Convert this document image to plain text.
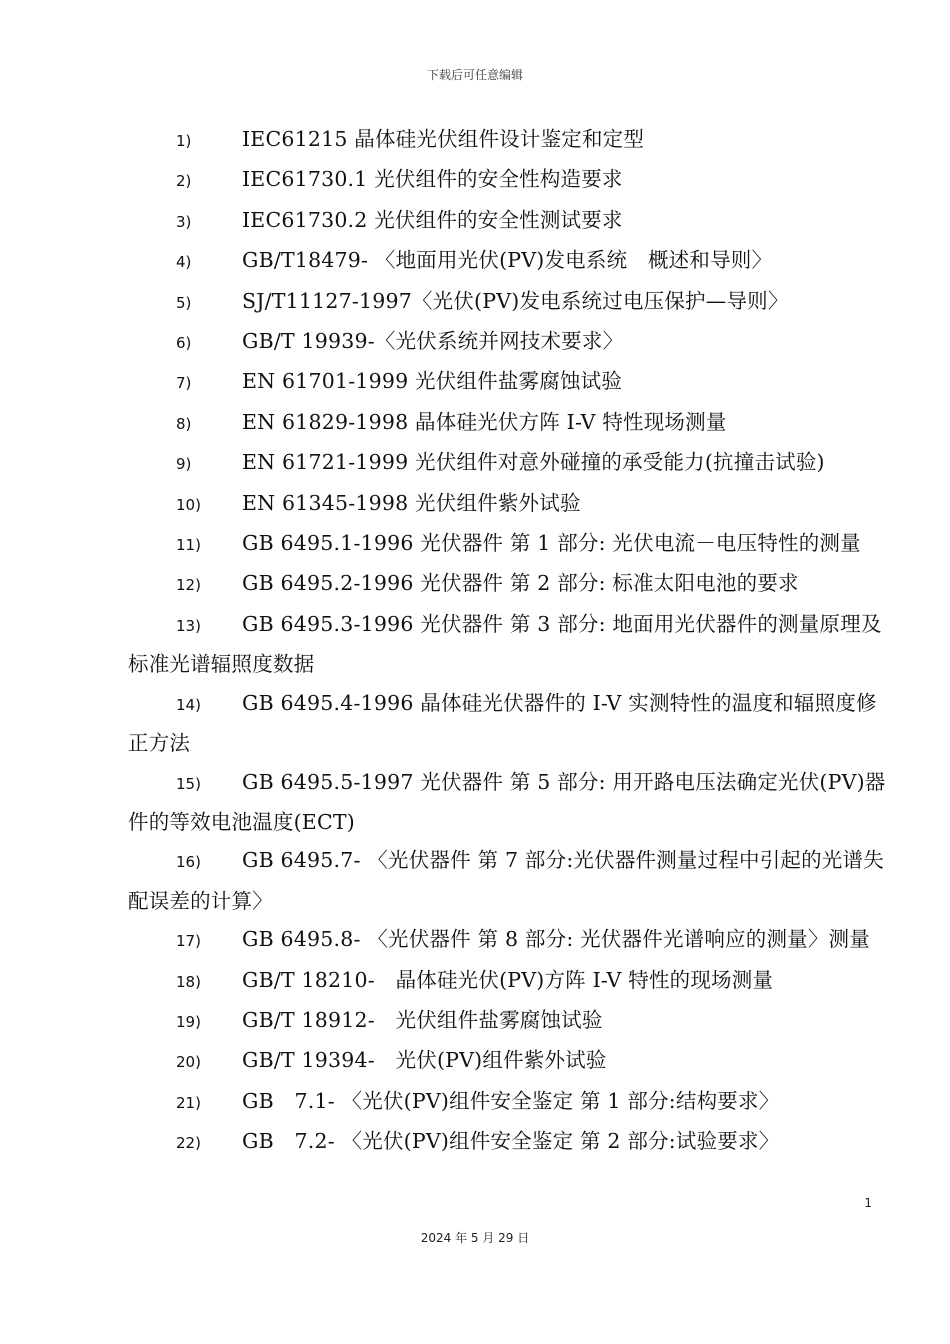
下载后可任意编辑
1) IEC61215 晶体硅光伏组件设计鉴定和定型
2) IEC61730.1 光伏组件的安全性构造要求
3) IEC61730.2 光伏组件的安全性测试要求
4) GB/T18479- 〈地面用光伏(PV)发电系统　概述和导则〉
5) SJ/T11127-1997〈光伏(PV)发电系统过电压保护—导则〉
6) GB/T 19939-〈光伏系统并网技术要求〉
7) EN 61701-1999 光伏组件盐雾腐蚀试验
8) EN 61829-1998 晶体硅光伏方阵 I-V 特性现场测量
9) EN 61721-1999 光伏组件对意外碰撞的承受能力(抗撞击试验)
10) EN 61345-1998 光伏组件紫外试验
11) GB 6495.1-1996 光伏器件 第 1 部分: 光伏电流－电压特性的测量
12) GB 6495.2-1996 光伏器件 第 2 部分: 标准太阳电池的要求
13) GB 6495.3-1996 光伏器件 第 3 部分: 地面用光伏器件的测量原理及标准光谱辐照度数据
14) GB 6495.4-1996 晶体硅光伏器件的 I-V 实测特性的温度和辐照度修正方法
15) GB 6495.5-1997 光伏器件 第 5 部分: 用开路电压法确定光伏(PV)器件的等效电池温度(ECT)
16) GB 6495.7- 〈光伏器件 第 7 部分:光伏器件测量过程中引起的光谱失配误差的计算〉
17) GB 6495.8- 〈光伏器件 第 8 部分: 光伏器件光谱响应的测量〉测量
18) GB/T 18210-　晶体硅光伏(PV)方阵 I-V 特性的现场测量
19) GB/T 18912-　光伏组件盐雾腐蚀试验
20) GB/T 19394-　光伏(PV)组件紫外试验
21) GB　7.1- 〈光伏(PV)组件安全鉴定 第 1 部分:结构要求〉
22) GB　7.2- 〈光伏(PV)组件安全鉴定 第 2 部分:试验要求〉
1
2024 年 5 月 29 日
